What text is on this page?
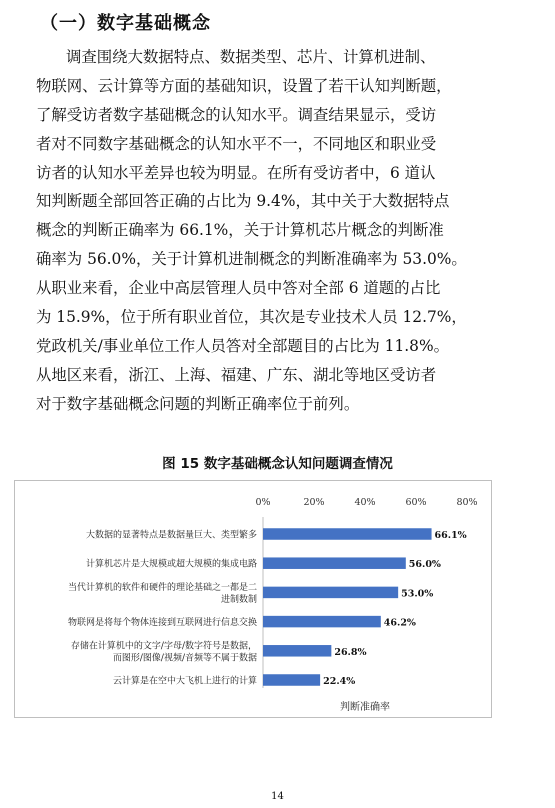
（一）数字基础概念
调查围绕大数据特点、数据类型、芯片、计算机进制、
物联网、云计算等方面的基础知识，设置了若干认知判断题，
了解受访者数字基础概念的认知水平。调查结果显示，受访
者对不同数字基础概念的认知水平不一，不同地区和职业受
访者的认知水平差异也较为明显。在所有受访者中，6 道认
知判断题全部回答正确的占比为 9.4%，其中关于大数据特点
概念的判断正确率为 66.1%，关于计算机芯片概念的判断准
确率为 56.0%，关于计算机进制概念的判断准确率为 53.0%。
从职业来看，企业中高层管理人员中答对全部 6 道题的占比
为 15.9%，位于所有职业首位，其次是专业技术人员 12.7%，
党政机关/事业单位工作人员答对全部题目的占比为 11.8%。
从地区来看，浙江、上海、福建、广东、湖北等地区受访者
对于数字基础概念问题的判断正确率位于前列。
图 15 数字基础概念认知问题调查情况
0%	20%	40%	60%	80%
66.1%
大数据的显著特点是数据量巨大、类型繁多
56.0%
计算机芯片是大规模或超大规模的集成电路
53.0%
当代计算机的软件和硬件的理论基础之一都是二
进制数制
46.2%
物联网是将每个物体连接到互联网进行信息交换
26.8%
存储在计算机中的文字/字母/数字符号是数据，
而图形/图像/视频/音频等不属于数据
22.4%
云计算是在空中大飞机上进行的计算
判断准确率
14
